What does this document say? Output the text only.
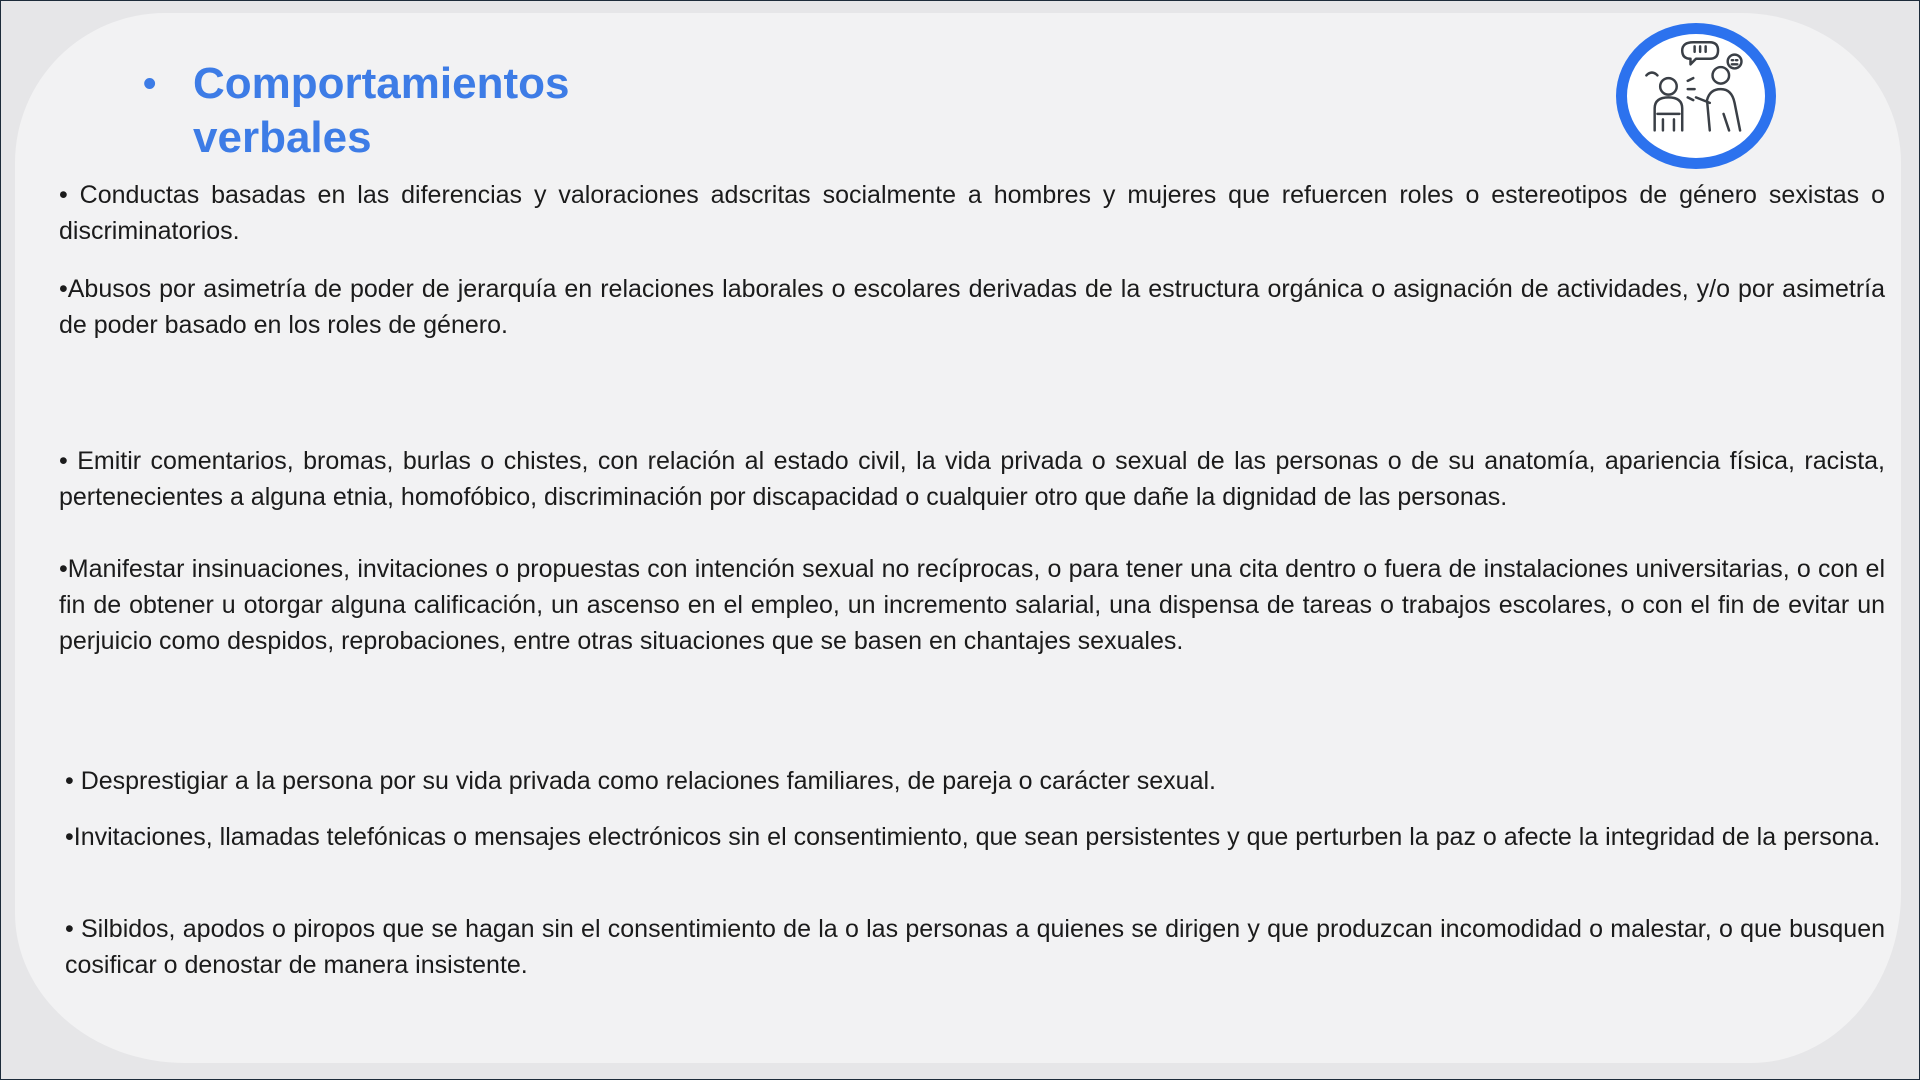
• Comportamientos verbales

• Conductas basadas en las diferencias y valoraciones adscritas socialmente a hombres y mujeres que refuercen roles o estereotipos de género sexistas o discriminatorios.

•Abusos por asimetría de poder de jerarquía en relaciones laborales o escolares derivadas de la estructura orgánica o asignación de actividades, y/o por asimetría de poder basado en los roles de género.

• Emitir comentarios, bromas, burlas o chistes, con relación al estado civil, la vida privada o sexual de las personas o de su anatomía, apariencia física, racista, pertenecientes a alguna etnia, homofóbico, discriminación por discapacidad o cualquier otro que dañe la dignidad de las personas.

•Manifestar insinuaciones, invitaciones o propuestas con intención sexual no recíprocas, o para tener una cita dentro o fuera de instalaciones universitarias, o con el fin de obtener u otorgar alguna calificación, un ascenso en el empleo, un incremento salarial, una dispensa de tareas o trabajos escolares, o con el fin de evitar un perjuicio como despidos, reprobaciones, entre otras situaciones que se basen en chantajes sexuales.

• Desprestigiar a la persona por su vida privada como relaciones familiares, de pareja o carácter sexual.

•Invitaciones, llamadas telefónicas o mensajes electrónicos sin el consentimiento, que sean persistentes y que perturben la paz o afecte la integridad de la persona.

• Silbidos, apodos o piropos que se hagan sin el consentimiento de la o las personas a quienes se dirigen y que produzcan incomodidad o malestar, o que busquen cosificar o denostar de manera insistente.
